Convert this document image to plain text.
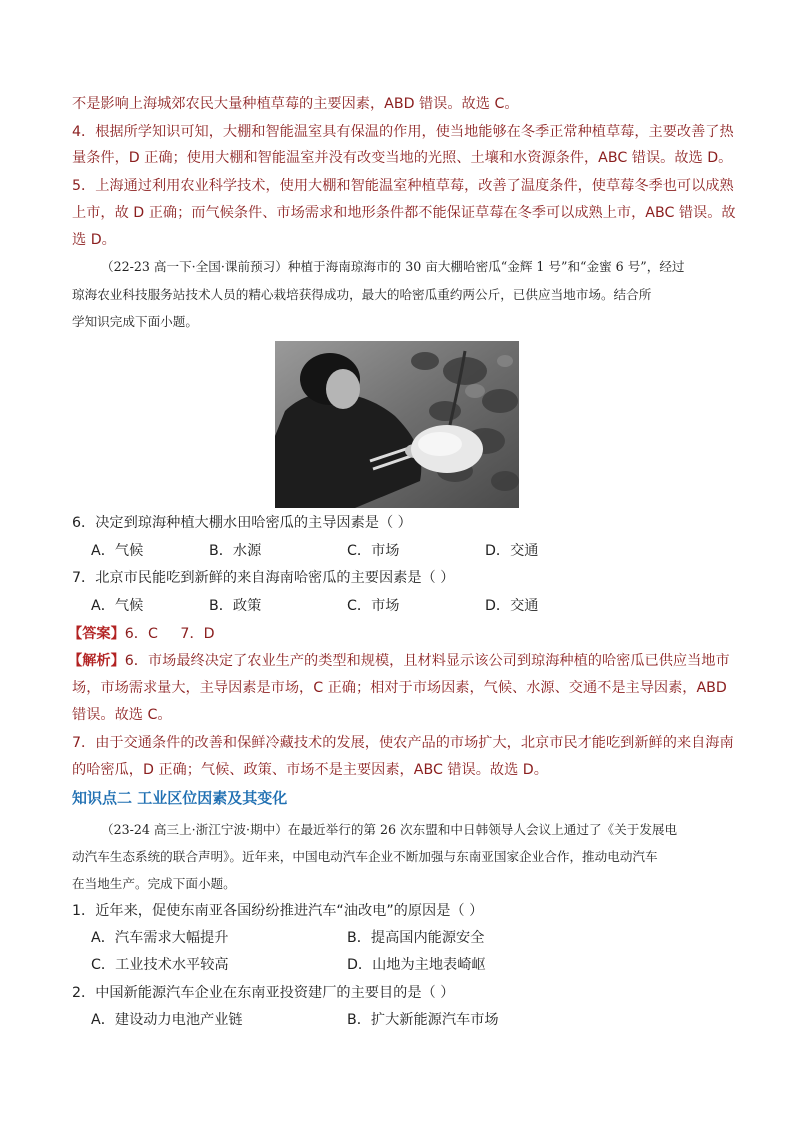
不是影响上海城郊农民大量种植草莓的主要因素，ABD 错误。故选 C。
4．根据所学知识可知，大棚和智能温室具有保温的作用，使当地能够在冬季正常种植草莓，主要改善了热
量条件，D 正确；使用大棚和智能温室并没有改变当地的光照、土壤和水资源条件，ABC 错误。故选 D。
5．上海通过利用农业科学技术，使用大棚和智能温室种植草莓，改善了温度条件，使草莓冬季也可以成熟
上市，故 D 正确；而气候条件、市场需求和地形条件都不能保证草莓在冬季可以成熟上市，ABC 错误。故
选 D。
（22-23 高一下·全国·课前预习）种植于海南琼海市的 30 亩大棚哈密瓜“金辉 1 号”和“金蜜 6 号”，经过
琼海农业科技服务站技术人员的精心栽培获得成功，最大的哈密瓜重约两公斤，已供应当地市场。结合所
学知识完成下面小题。
6．决定到琼海种植大棚水田哈密瓜的主导因素是（ ）
A．气候	B．水源	C．市场	D．交通
7．北京市民能吃到新鲜的来自海南哈密瓜的主要因素是（ ）
A．气候	B．政策	C．市场	D．交通
【答案】6．C     7．D
【解析】6．市场最终决定了农业生产的类型和规模，且材料显示该公司到琼海种植的哈密瓜已供应当地市
场，市场需求量大，主导因素是市场，C 正确；相对于市场因素，气候、水源、交通不是主导因素，ABD
错误。故选 C。
7．由于交通条件的改善和保鲜冷藏技术的发展，使农产品的市场扩大，北京市民才能吃到新鲜的来自海南
的哈密瓜，D 正确；气候、政策、市场不是主要因素，ABC 错误。故选 D。
知识点二 工业区位因素及其变化
（23-24 高三上·浙江宁波·期中）在最近举行的第 26 次东盟和中日韩领导人会议上通过了《关于发展电
动汽车生态系统的联合声明》。近年来，中国电动汽车企业不断加强与东南亚国家企业合作，推动电动汽车
在当地生产。完成下面小题。
1．近年来，促使东南亚各国纷纷推进汽车“油改电”的原因是（ ）
A．汽车需求大幅提升	B．提高国内能源安全
C．工业技术水平较高	D．山地为主地表崎岖
2．中国新能源汽车企业在东南亚投资建厂的主要目的是（ ）
A．建设动力电池产业链	B．扩大新能源汽车市场
